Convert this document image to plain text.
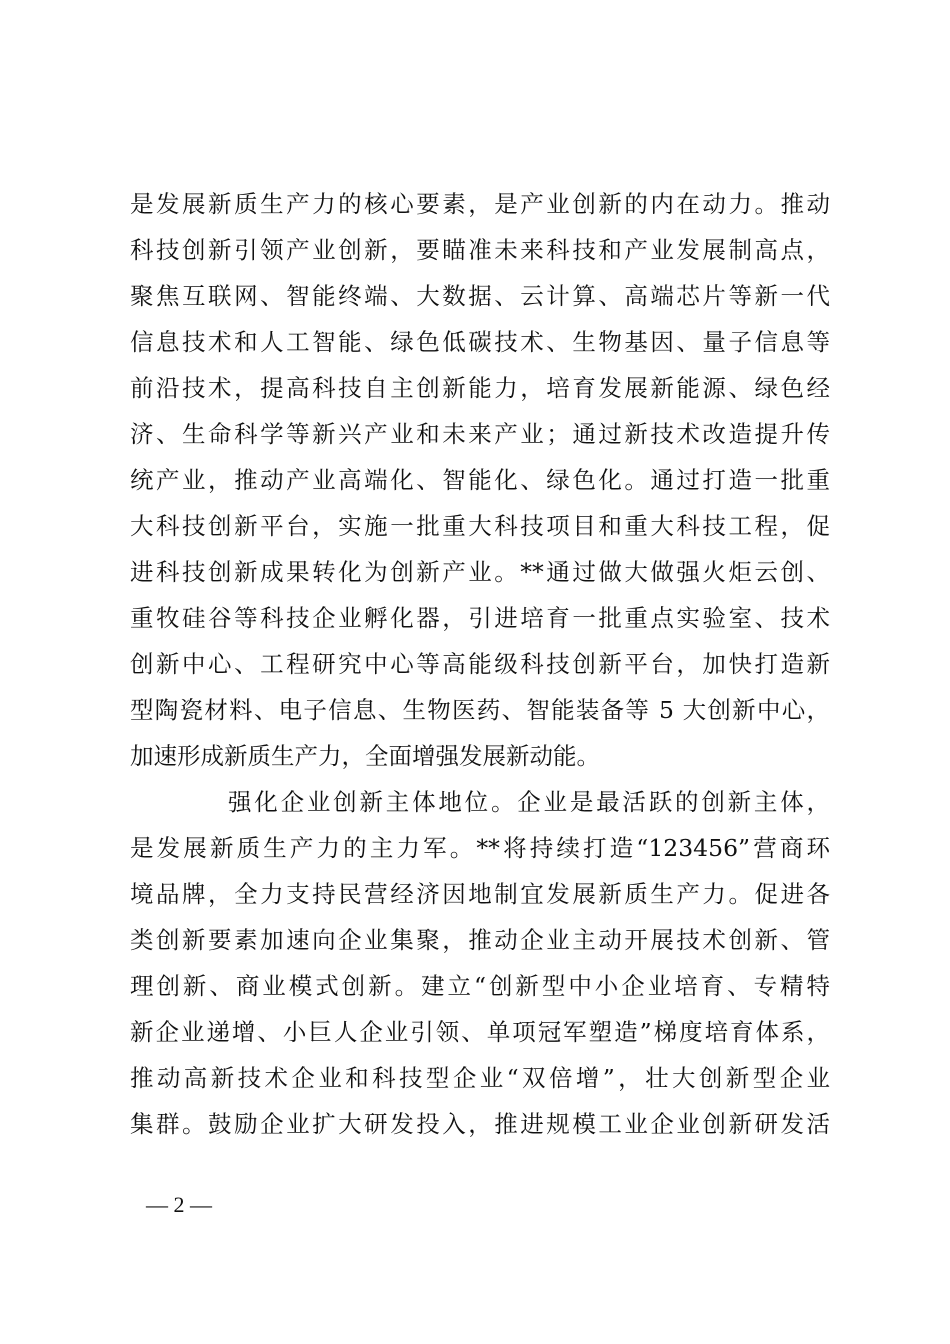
是发展新质生产力的核心要素，是产业创新的内在动力。推动
科技创新引领产业创新，要瞄准未来科技和产业发展制高点，
聚焦互联网、智能终端、大数据、云计算、高端芯片等新一代
信息技术和人工智能、绿色低碳技术、生物基因、量子信息等
前沿技术，提高科技自主创新能力，培育发展新能源、绿色经
济、生命科学等新兴产业和未来产业；通过新技术改造提升传
统产业，推动产业高端化、智能化、绿色化。通过打造一批重
大科技创新平台，实施一批重大科技项目和重大科技工程，促
进科技创新成果转化为创新产业。**通过做大做强火炬云创、
重牧硅谷等科技企业孵化器，引进培育一批重点实验室、技术
创新中心、工程研究中心等高能级科技创新平台，加快打造新
型陶瓷材料、电子信息、生物医药、智能装备等 5 大创新中心，
加速形成新质生产力，全面增强发展新动能。
强化企业创新主体地位。企业是最活跃的创新主体，
是发展新质生产力的主力军。**将持续打造“123456”营商环
境品牌，全力支持民营经济因地制宜发展新质生产力。促进各
类创新要素加速向企业集聚，推动企业主动开展技术创新、管
理创新、商业模式创新。建立“创新型中小企业培育、专精特
新企业递增、小巨人企业引领、单项冠军塑造”梯度培育体系，
推动高新技术企业和科技型企业“双倍增”，壮大创新型企业
集群。鼓励企业扩大研发投入，推进规模工业企业创新研发活
— 2 —
